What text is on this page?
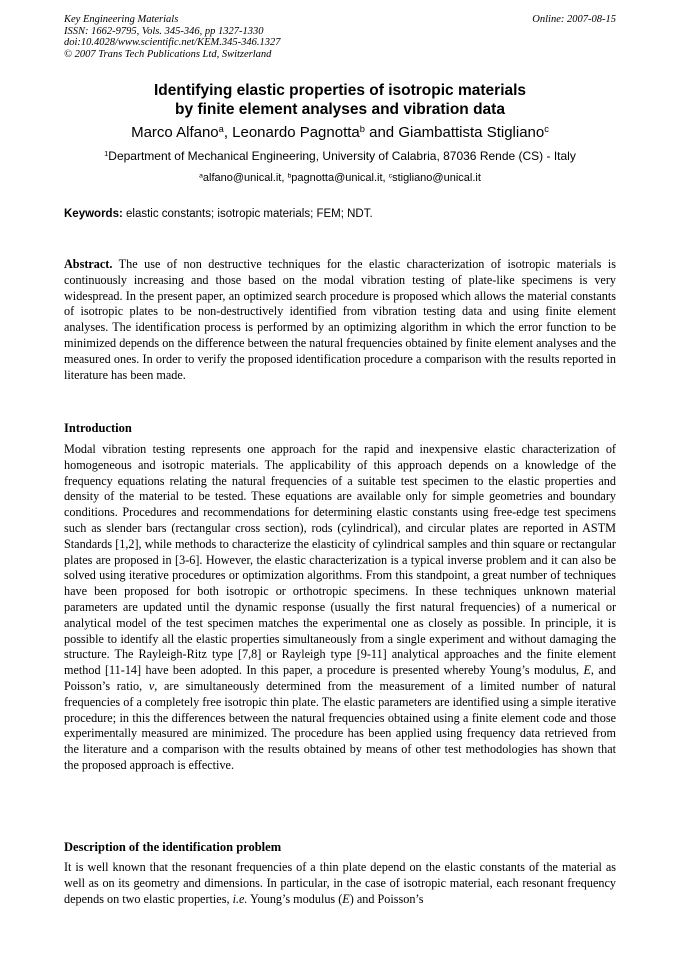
Key Engineering Materials
ISSN: 1662-9795, Vols. 345-346, pp 1327-1330
doi:10.4028/www.scientific.net/KEM.345-346.1327
© 2007 Trans Tech Publications Ltd, Switzerland
Online: 2007-08-15
Identifying elastic properties of isotropic materials
by finite element analyses and vibration data
Marco Alfano$^a$, Leonardo Pagnotta$^b$ and Giambattista Stigliano$^c$
$^1$Department of Mechanical Engineering, University of Calabria, 87036 Rende (CS) - Italy
$^a$alfano@unical.it, $^b$pagnotta@unical.it, $^c$stigliano@unical.it
Keywords: elastic constants; isotropic materials; FEM; NDT.
Abstract. The use of non destructive techniques for the elastic characterization of isotropic materials is continuously increasing and those based on the modal vibration testing of plate-like specimens is very widespread. In the present paper, an optimized search procedure is proposed which allows the material constants of isotropic plates to be non-destructively identified from vibration testing data and using finite element analyses. The identification process is performed by an optimizing algorithm in which the error function to be minimized depends on the difference between the natural frequencies obtained by finite element analyses and the measured ones. In order to verify the proposed identification procedure a comparison with the results reported in literature has been made.
Introduction
Modal vibration testing represents one approach for the rapid and inexpensive elastic characterization of homogeneous and isotropic materials. The applicability of this approach depends on a knowledge of the frequency equations relating the natural frequencies of a suitable test specimen to the elastic properties and density of the material to be tested. These equations are available only for simple geometries and boundary conditions. Procedures and recommendations for determining elastic constants using free-edge test specimens such as slender bars (rectangular cross section), rods (cylindrical), and circular plates are reported in ASTM Standards [1,2], while methods to characterize the elasticity of cylindrical samples and thin square or rectangular plates are proposed in [3-6]. However, the elastic characterization is a typical inverse problem and it can also be solved using iterative procedures or optimization algorithms. From this standpoint, a great number of techniques have been proposed for both isotropic or orthotropic specimens. In these techniques unknown material parameters are updated until the dynamic response (usually the first natural frequencies) of a numerical or analytical model of the test specimen matches the experimental one as closely as possible. In principle, it is possible to identify all the elastic properties simultaneously from a single experiment and without damaging the structure. The Rayleigh-Ritz type [7,8] or Rayleigh type [9-11] analytical approaches and the finite element method [11-14] have been adopted. In this paper, a procedure is presented whereby Young’s modulus, E, and Poisson’s ratio, ν, are simultaneously determined from the measurement of a limited number of natural frequencies of a completely free isotropic thin plate. The elastic parameters are identified using a simple iterative procedure; in this the differences between the natural frequencies obtained using a finite element code and those experimentally measured are minimized. The procedure has been applied using frequency data retrieved from the literature and a comparison with the results obtained by means of other test methodologies has shown that the proposed approach is effective.
Description of the identification problem
It is well known that the resonant frequencies of a thin plate depend on the elastic constants of the material as well as on its geometry and dimensions. In particular, in the case of isotropic material, each resonant frequency depends on two elastic properties, i.e. Young’s modulus (E) and Poisson’s
